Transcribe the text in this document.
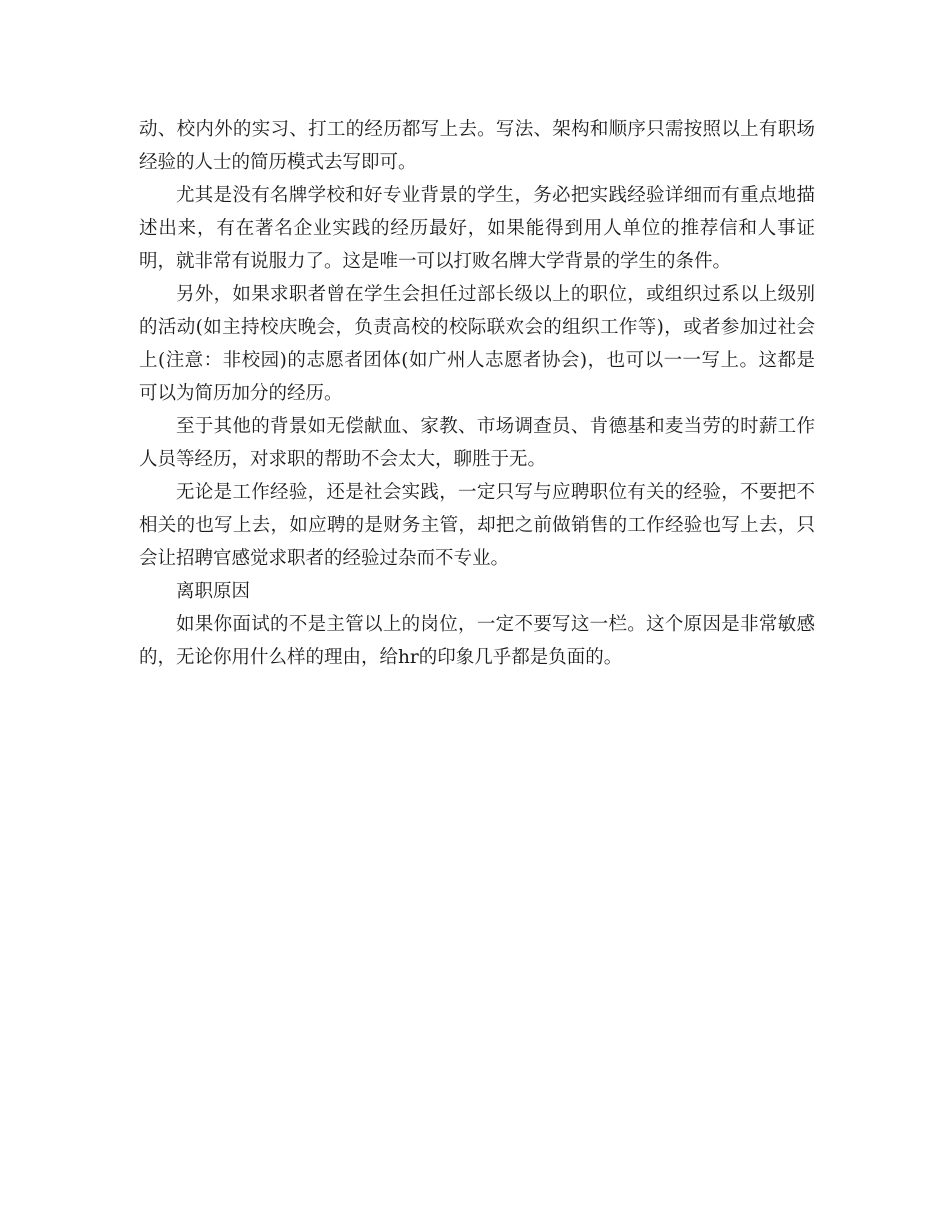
动、校内外的实习、打工的经历都写上去。写法、架构和顺序只需按照以上有职场经验的人士的简历模式去写即可。

尤其是没有名牌学校和好专业背景的学生，务必把实践经验详细而有重点地描述出来，有在著名企业实践的经历最好，如果能得到用人单位的推荐信和人事证明，就非常有说服力了。这是唯一可以打败名牌大学背景的学生的条件。

另外，如果求职者曾在学生会担任过部长级以上的职位，或组织过系以上级别的活动(如主持校庆晚会，负责高校的校际联欢会的组织工作等)，或者参加过社会上(注意：非校园)的志愿者团体(如广州人志愿者协会)，也可以一一写上。这都是可以为简历加分的经历。

至于其他的背景如无偿献血、家教、市场调查员、肯德基和麦当劳的时薪工作人员等经历，对求职的帮助不会太大，聊胜于无。

无论是工作经验，还是社会实践，一定只写与应聘职位有关的经验，不要把不相关的也写上去，如应聘的是财务主管，却把之前做销售的工作经验也写上去，只会让招聘官感觉求职者的经验过杂而不专业。

离职原因

如果你面试的不是主管以上的岗位，一定不要写这一栏。这个原因是非常敏感的，无论你用什么样的理由，给hr的印象几乎都是负面的。
